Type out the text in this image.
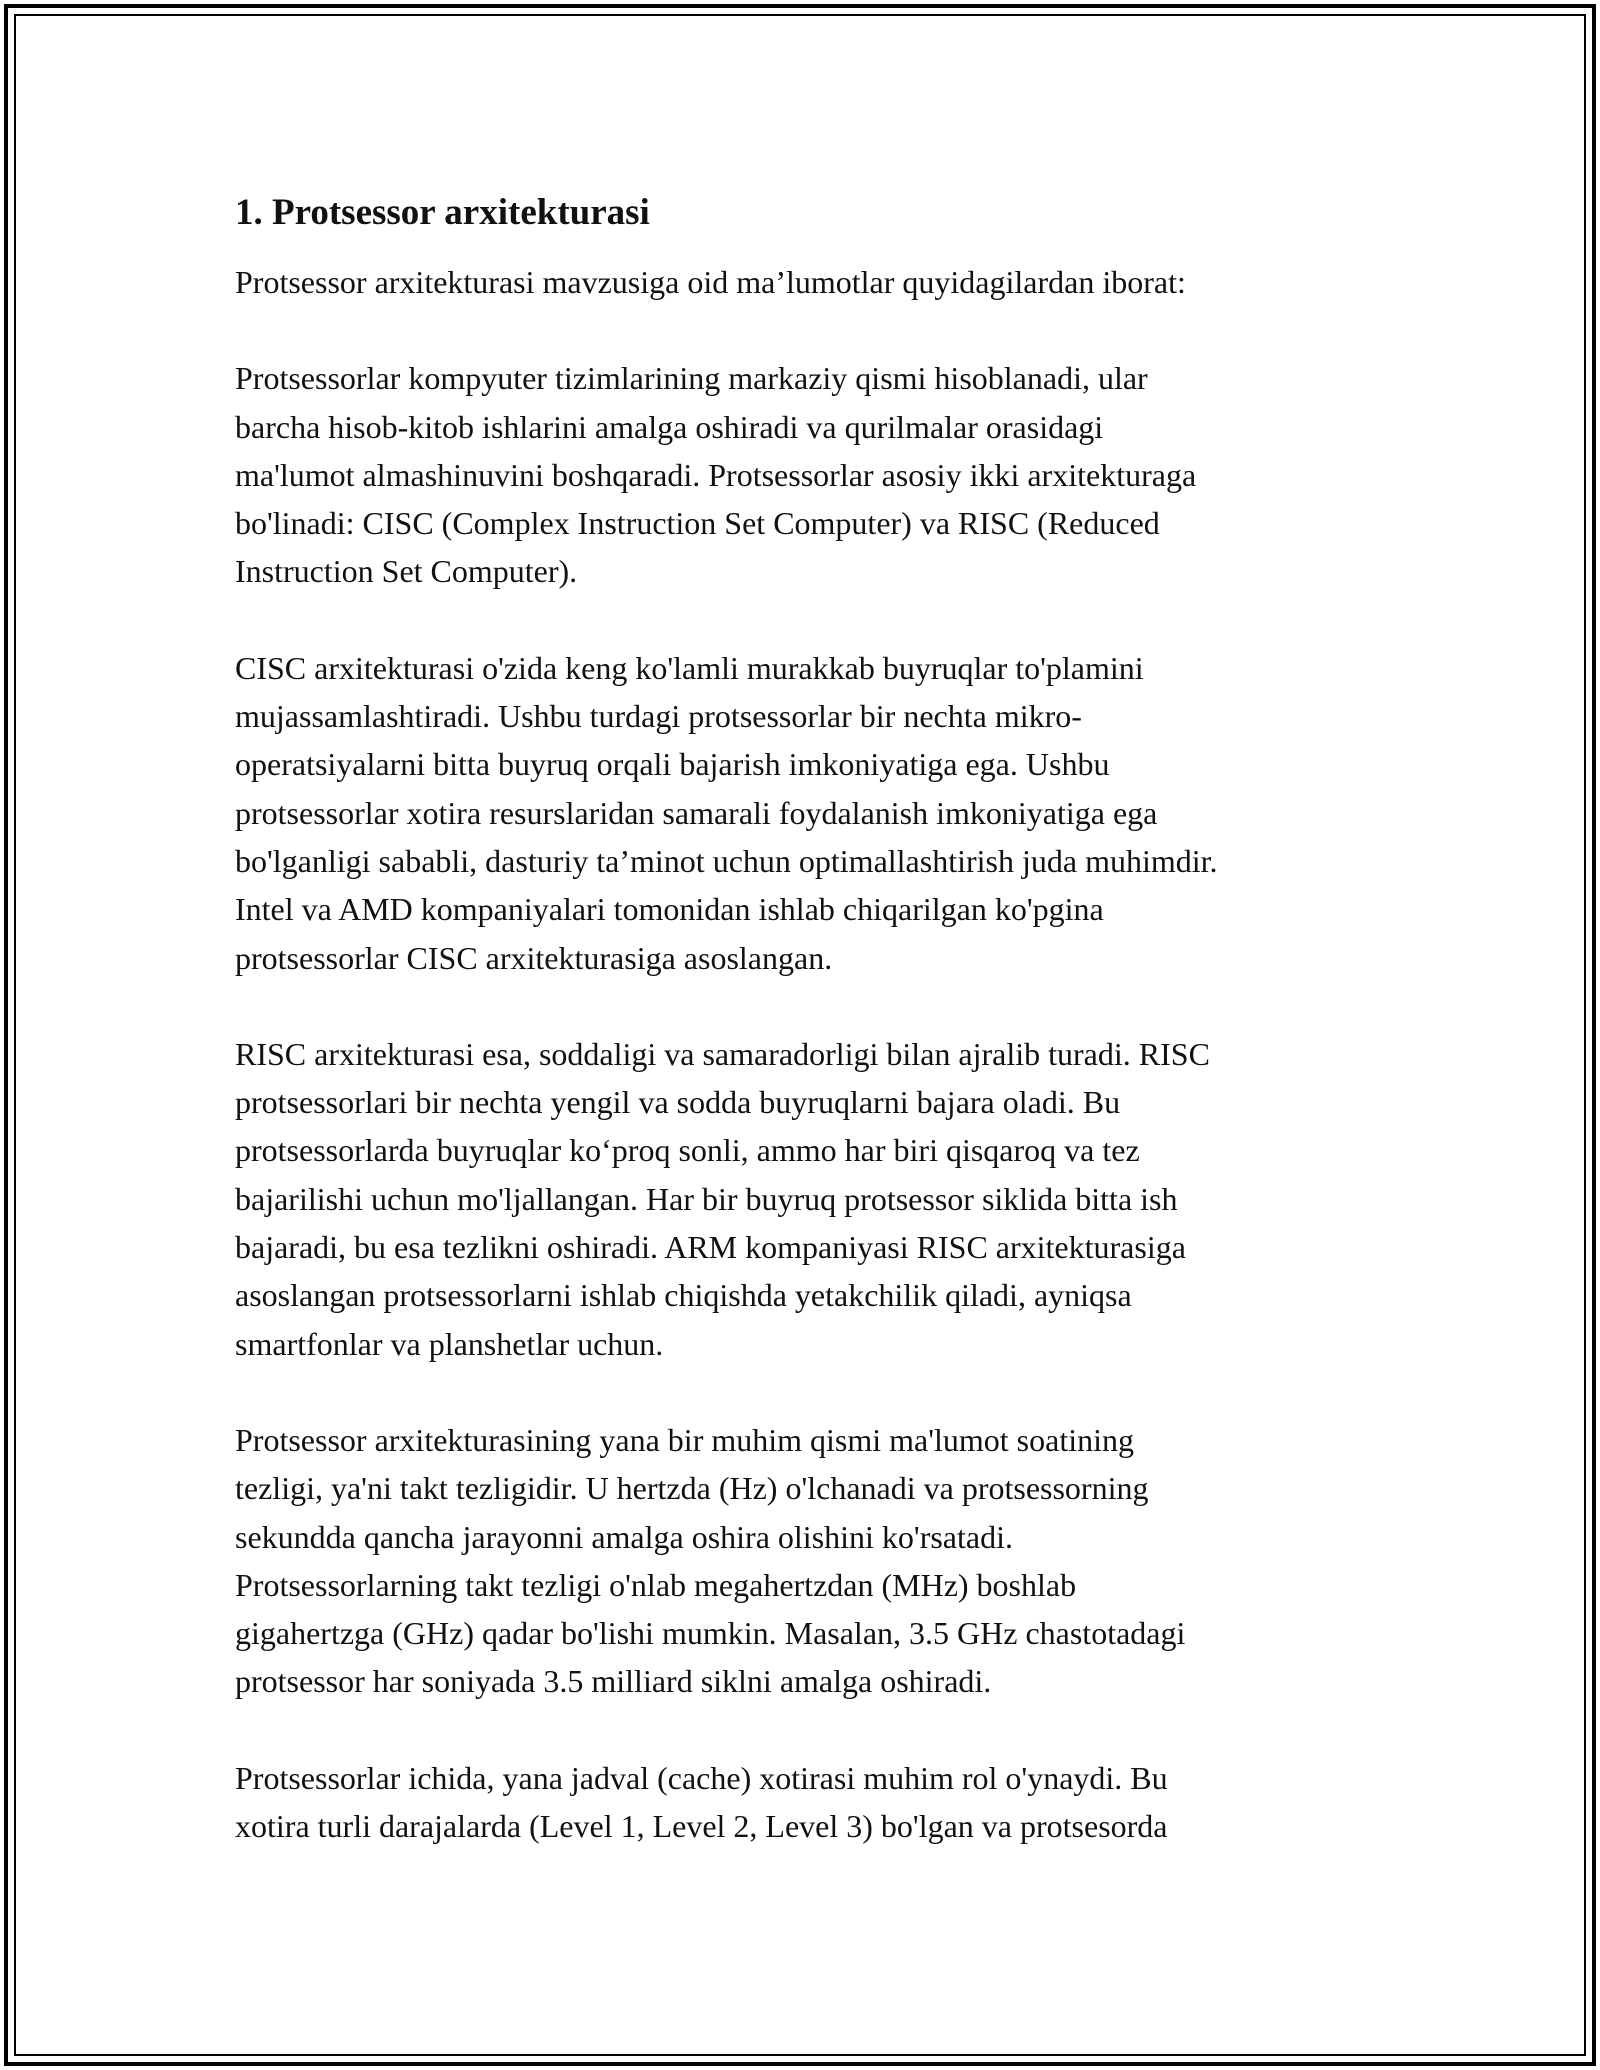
1. Protsessor arxitekturasi

Protsessor arxitekturasi mavzusiga oid ma’lumotlar quyidagilardan iborat:

Protsessorlar kompyuter tizimlarining markaziy qismi hisoblanadi, ular
barcha hisob-kitob ishlarini amalga oshiradi va qurilmalar orasidagi
ma'lumot almashinuvini boshqaradi. Protsessorlar asosiy ikki arxitekturaga
bo'linadi: CISC (Complex Instruction Set Computer) va RISC (Reduced
Instruction Set Computer).

CISC arxitekturasi o'zida keng ko'lamli murakkab buyruqlar to'plamini
mujassamlashtiradi. Ushbu turdagi protsessorlar bir nechta mikro-
operatsiyalarni bitta buyruq orqali bajarish imkoniyatiga ega. Ushbu
protsessorlar xotira resurslaridan samarali foydalanish imkoniyatiga ega
bo'lganligi sababli, dasturiy ta’minot uchun optimallashtirish juda muhimdir.
Intel va AMD kompaniyalari tomonidan ishlab chiqarilgan ko'pgina
protsessorlar CISC arxitekturasiga asoslangan.

RISC arxitekturasi esa, soddaligi va samaradorligi bilan ajralib turadi. RISC
protsessorlari bir nechta yengil va sodda buyruqlarni bajara oladi. Bu
protsessorlarda buyruqlar ko‘proq sonli, ammo har biri qisqaroq va tez
bajarilishi uchun mo'ljallangan. Har bir buyruq protsessor siklida bitta ish
bajaradi, bu esa tezlikni oshiradi. ARM kompaniyasi RISC arxitekturasiga
asoslangan protsessorlarni ishlab chiqishda yetakchilik qiladi, ayniqsa
smartfonlar va planshetlar uchun.

Protsessor arxitekturasining yana bir muhim qismi ma'lumot soatining
tezligi, ya'ni takt tezligidir. U hertzda (Hz) o'lchanadi va protsessorning
sekundda qancha jarayonni amalga oshira olishini ko'rsatadi.
Protsessorlarning takt tezligi o'nlab megahertzdan (MHz) boshlab
gigahertzga (GHz) qadar bo'lishi mumkin. Masalan, 3.5 GHz chastotadagi
protsessor har soniyada 3.5 milliard siklni amalga oshiradi.

Protsessorlar ichida, yana jadval (cache) xotirasi muhim rol o'ynaydi. Bu
xotira turli darajalarda (Level 1, Level 2, Level 3) bo'lgan va protsesorda
